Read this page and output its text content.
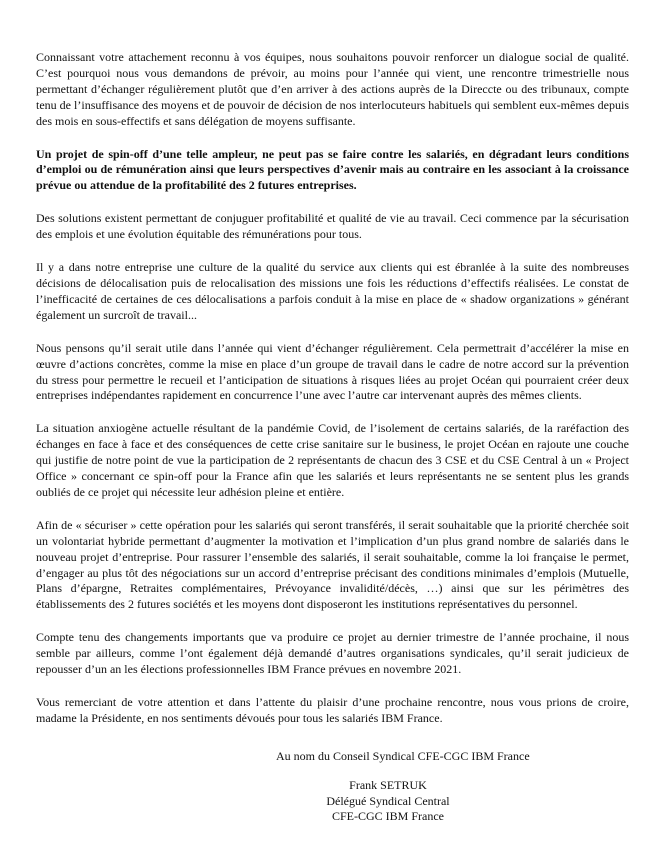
Connaissant votre attachement reconnu à vos équipes, nous souhaitons pouvoir renforcer un dialogue social de qualité. C’est pourquoi nous vous demandons de prévoir, au moins pour l’année qui vient, une rencontre trimestrielle nous permettant d’échanger régulièrement plutôt que d’en arriver à des actions auprès de la Direccte ou des tribunaux, compte tenu de l’insuffisance des moyens et de pouvoir de décision de nos interlocuteurs habituels qui semblent eux-mêmes depuis des mois en sous-effectifs et sans délégation de moyens suffisante.

Un projet de spin-off d’une telle ampleur, ne peut pas se faire contre les salariés, en dégradant leurs conditions d’emploi ou de rémunération ainsi que leurs perspectives d’avenir mais au contraire en les associant à la croissance prévue ou attendue de la profitabilité des 2 futures entreprises.

Des solutions existent permettant de conjuguer profitabilité et qualité de vie au travail. Ceci commence par la sécurisation des emplois et une évolution équitable des rémunérations pour tous.

Il y a dans notre entreprise une culture de la qualité du service aux clients qui est ébranlée à la suite des nombreuses décisions de délocalisation puis de relocalisation des missions une fois les réductions d’effectifs réalisées. Le constat de l’inefficacité de certaines de ces délocalisations a parfois conduit à la mise en place de « shadow organizations » générant également un surcroît de travail...

Nous pensons qu’il serait utile dans l’année qui vient d’échanger régulièrement. Cela permettrait d’accélérer la mise en œuvre d’actions concrètes, comme la mise en place d’un groupe de travail dans le cadre de notre accord sur la prévention du stress pour permettre le recueil et l’anticipation de situations à risques liées au projet Océan qui pourraient créer deux entreprises indépendantes rapidement en concurrence l’une avec l’autre car intervenant auprès des mêmes clients.

La situation anxiogène actuelle résultant de la pandémie Covid, de l’isolement de certains salariés, de la raréfaction des échanges en face à face et des conséquences de cette crise sanitaire sur le business, le projet Océan en rajoute une couche qui justifie de notre point de vue la participation de 2 représentants de chacun des 3 CSE et du CSE Central à un « Project Office » concernant ce spin-off pour la France afin que les salariés et leurs représentants ne se sentent plus les grands oubliés de ce projet qui nécessite leur adhésion pleine et entière.

Afin de « sécuriser » cette opération pour les salariés qui seront transférés, il serait souhaitable que la priorité cherchée soit un volontariat hybride permettant d’augmenter la motivation et l’implication d’un plus grand nombre de salariés dans le nouveau projet d’entreprise. Pour rassurer l’ensemble des salariés, il serait souhaitable, comme la loi française le permet, d’engager au plus tôt des négociations sur un accord d’entreprise précisant des conditions minimales d’emplois (Mutuelle, Plans d’épargne, Retraites complémentaires, Prévoyance invalidité/décès, …) ainsi que sur les périmètres des établissements des 2 futures sociétés et les moyens dont disposeront les institutions représentatives du personnel.

Compte tenu des changements importants que va produire ce projet au dernier trimestre de l’année prochaine, il nous semble par ailleurs, comme l’ont également déjà demandé d’autres organisations syndicales, qu’il serait judicieux de repousser d’un an les élections professionnelles IBM France prévues en novembre 2021.

Vous remerciant de votre attention et dans l’attente du plaisir d’une prochaine rencontre, nous vous prions de croire, madame la Présidente, en nos sentiments dévoués pour tous les salariés IBM France.

Au nom du Conseil Syndical CFE-CGC IBM France
Frank SETRUK
Délégué Syndical Central
CFE-CGC IBM France
